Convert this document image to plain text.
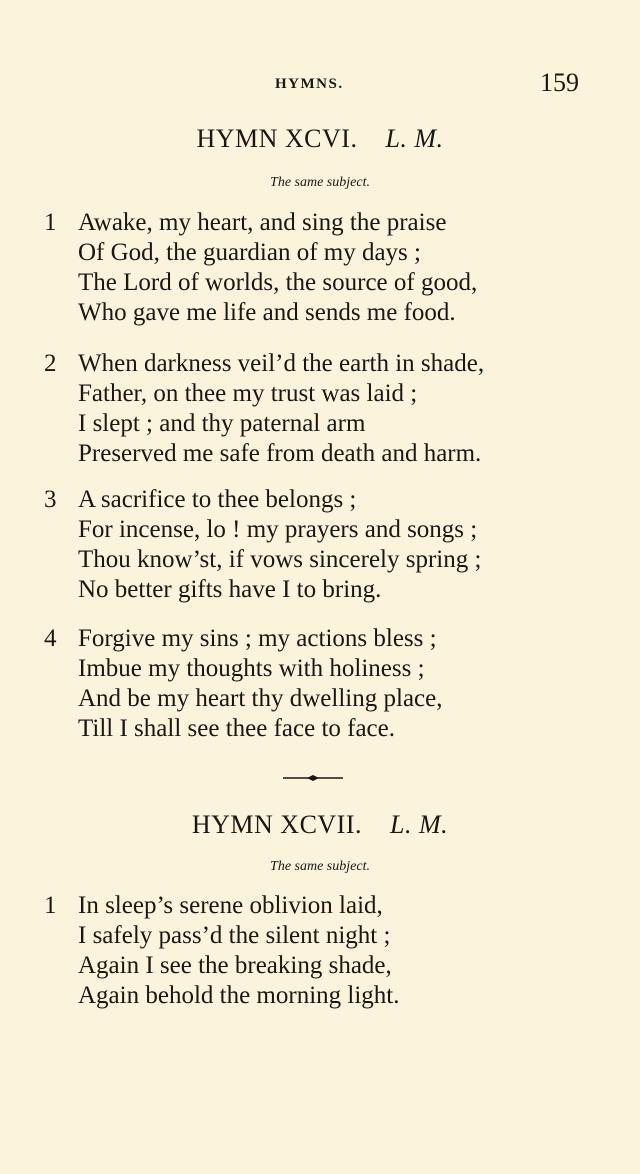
HYMNS.	159
HYMN XCVI. L. M.
The same subject.
1 Awake, my heart, and sing the praise
Of God, the guardian of my days ;
The Lord of worlds, the source of good,
Who gave me life and sends me food.
2 When darkness veil’d the earth in shade,
Father, on thee my trust was laid ;
I slept ; and thy paternal arm
Preserved me safe from death and harm.
3 A sacrifice to thee belongs ;
For incense, lo ! my prayers and songs ;
Thou know’st, if vows sincerely spring ;
No better gifts have I to bring.
4 Forgive my sins ; my actions bless ;
Imbue my thoughts with holiness ;
And be my heart thy dwelling place,
Till I shall see thee face to face.
HYMN XCVII. L. M.
The same subject.
1 In sleep’s serene oblivion laid,
I safely pass’d the silent night ;
Again I see the breaking shade,
Again behold the morning light.
